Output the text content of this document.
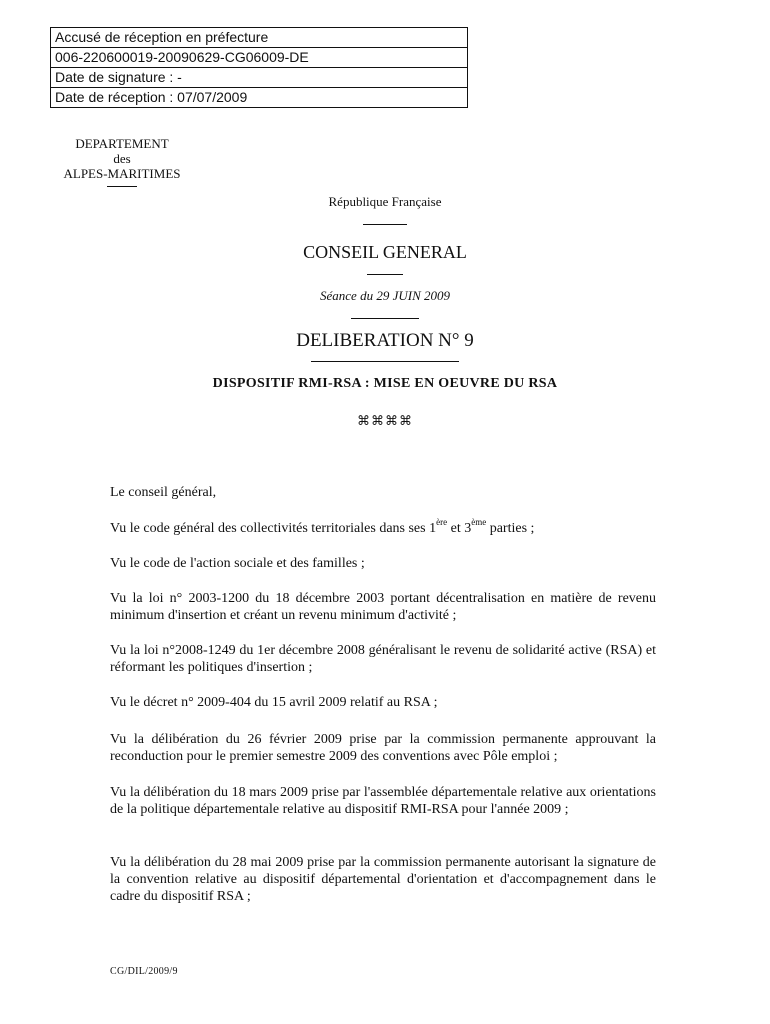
Accusé de réception en préfecture
006-220600019-20090629-CG06009-DE
Date de signature : -
Date de réception : 07/07/2009
DEPARTEMENT
des
ALPES-MARITIMES
République Française
CONSEIL GENERAL
Séance du 29 JUIN 2009
DELIBERATION N° 9
DISPOSITIF RMI-RSA : MISE EN OEUVRE DU RSA
⌘⌘⌘⌘
Le conseil général,
Vu le code général des collectivités territoriales dans ses 1ère et 3ème parties ;
Vu le code de l'action sociale et des familles ;
Vu la loi n° 2003-1200 du 18 décembre 2003 portant décentralisation en matière de revenu minimum d'insertion et créant un revenu minimum d'activité ;
Vu la loi n°2008-1249 du 1er décembre 2008 généralisant le revenu de solidarité active (RSA) et réformant les politiques d'insertion ;
Vu le décret n° 2009-404 du 15 avril 2009 relatif au RSA ;
Vu la délibération du 26 février 2009 prise par la commission permanente approuvant la reconduction pour le premier semestre 2009 des conventions avec Pôle emploi ;
Vu la délibération du 18 mars 2009 prise par l'assemblée départementale relative aux orientations de la politique départementale relative au dispositif RMI-RSA pour l'année 2009 ;
Vu la délibération du 28 mai 2009 prise par la commission permanente autorisant la signature de la convention relative au dispositif départemental d'orientation et d'accompagnement dans le cadre du dispositif RSA ;
CG/DIL/2009/9
